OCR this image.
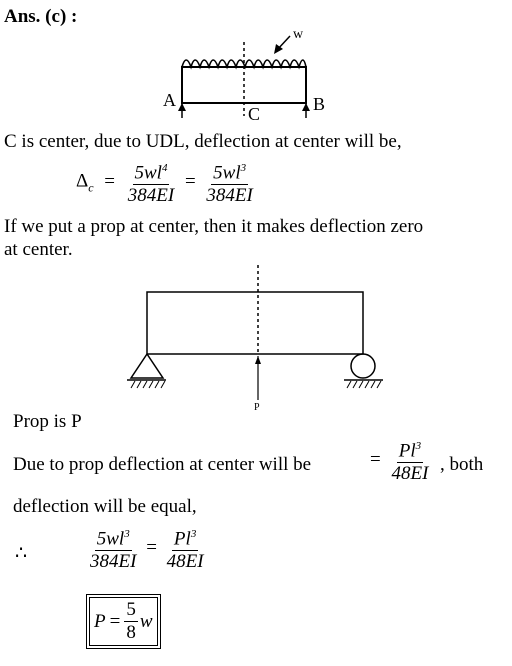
Ans. (c) :
w
A	B
C
C is center, due to UDL, deflection at center will be,
$\Delta_c = \frac{5wl^4}{384EI} = \frac{5wl^3}{384EI}$
If we put a prop at center, then it makes deflection zero
at center.
P
Prop is P
Due to prop deflection at center will be	= $\frac{Pl^3}{48EI}$ , both
deflection will be equal,
∴	$\frac{5wl^3}{384EI} = \frac{Pl^3}{48EI}$
$P = \frac{5}{8}$ w
